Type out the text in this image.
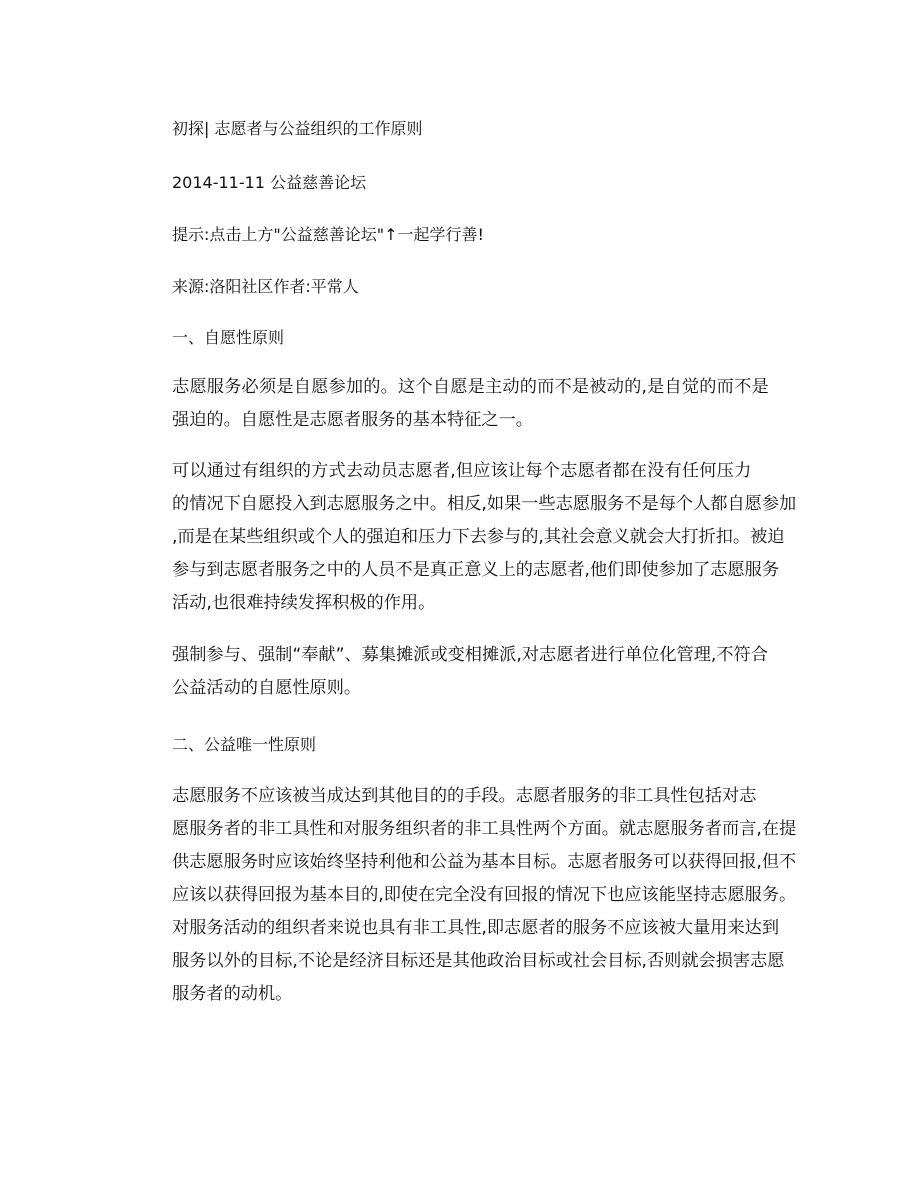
初探| 志愿者与公益组织的工作原则
2014-11-11 公益慈善论坛
提示:点击上方"公益慈善论坛"↑一起学行善!
来源:洛阳社区作者:平常人
一、自愿性原则
志愿服务必须是自愿参加的。这个自愿是主动的而不是被动的,是自觉的而不是
强迫的。自愿性是志愿者服务的基本特征之一。
可以通过有组织的方式去动员志愿者,但应该让每个志愿者都在没有任何压力
的情况下自愿投入到志愿服务之中。相反,如果一些志愿服务不是每个人都自愿参加
,而是在某些组织或个人的强迫和压力下去参与的,其社会意义就会大打折扣。被迫
参与到志愿者服务之中的人员不是真正意义上的志愿者,他们即使参加了志愿服务
活动,也很难持续发挥积极的作用。
强制参与、强制“奉献”、募集摊派或变相摊派,对志愿者进行单位化管理,不符合
公益活动的自愿性原则。
二、公益唯一性原则
志愿服务不应该被当成达到其他目的的手段。志愿者服务的非工具性包括对志
愿服务者的非工具性和对服务组织者的非工具性两个方面。就志愿服务者而言,在提
供志愿服务时应该始终坚持利他和公益为基本目标。志愿者服务可以获得回报,但不
应该以获得回报为基本目的,即使在完全没有回报的情况下也应该能坚持志愿服务。
对服务活动的组织者来说也具有非工具性,即志愿者的服务不应该被大量用来达到
服务以外的目标,不论是经济目标还是其他政治目标或社会目标,否则就会损害志愿
服务者的动机。
